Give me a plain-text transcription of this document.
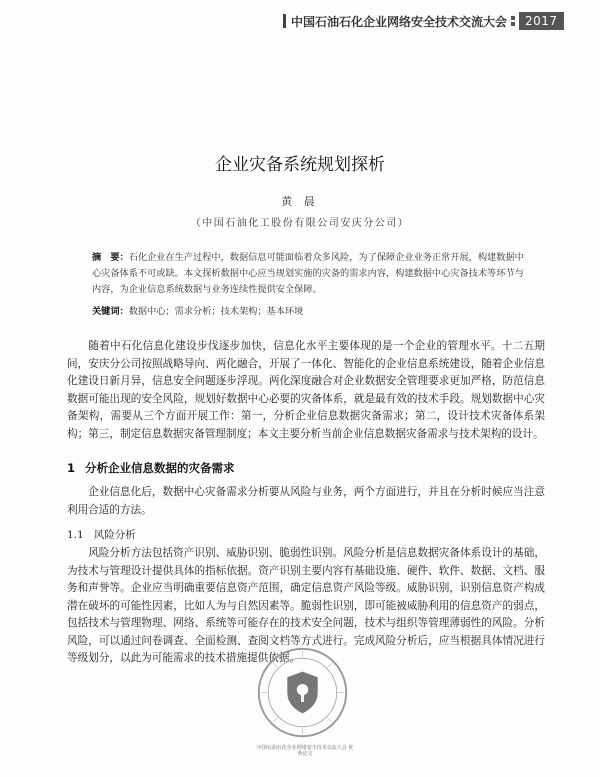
中国石油石化企业网络安全技术交流大会	2017
企业灾备系统规划探析
黄 晨
（中国石油化工股份有限公司安庆分公司）
摘　要：石化企业在生产过程中，数据信息可能面临着众多风险，为了保障企业业务正常开展，构建数据中心灾备体系不可或缺。本文探析数据中心应当规划实施的灾备的需求内容，构建数据中心灾备技术等环节与内容，为企业信息系统数据与业务连续性提供安全保障。
关键词：数据中心；需求分析；技术架构；基本环境

随着中石化信息化建设步伐逐步加快，信息化水平主要体现的是一个企业的管理水平。十二五期间，安庆分公司按照战略导向、两化融合，开展了一体化、智能化的企业信息系统建设，随着企业信息化建设日新月异，信息安全问题逐步浮现。两化深度融合对企业数据安全管理要求更加严格，防范信息数据可能出现的安全风险，规划好数据中心必要的灾备体系，就是最有效的技术手段。规划数据中心灾备架构，需要从三个方面开展工作：第一，分析企业信息数据灾备需求；第二，设计技术灾备体系架构；第三，制定信息数据灾备管理制度；本文主要分析当前企业信息数据灾备需求与技术架构的设计。

1 分析企业信息数据的灾备需求

企业信息化后，数据中心灾备需求分析要从风险与业务，两个方面进行，并且在分析时候应当注意利用合适的方法。

1.1 风险分析

风险分析方法包括资产识别、威胁识别、脆弱性识别。风险分析是信息数据灾备体系设计的基础，为技术与管理设计提供具体的指标依据。资产识别主要内容有基础设施、硬件、软件、数据、文档、服务和声誉等。企业应当明确重要信息资产范围，确定信息资产风险等级。威胁识别，识别信息资产构成潜在破坏的可能性因素，比如人为与自然因素等。脆弱性识别，即可能被威胁利用的信息资产的弱点，包括技术与管理物理、网络、系统等可能存在的技术安全问题，技术与组织等管理薄弱性的风险。分析风险，可以通过问卷调查、全面检测、查阅文档等方式进行。完成风险分析后，应当根据具体情况进行等级划分，以此为可能需求的技术措施提供依据。

中国石油石化企业网络安全技术交流大会 优秀论文
